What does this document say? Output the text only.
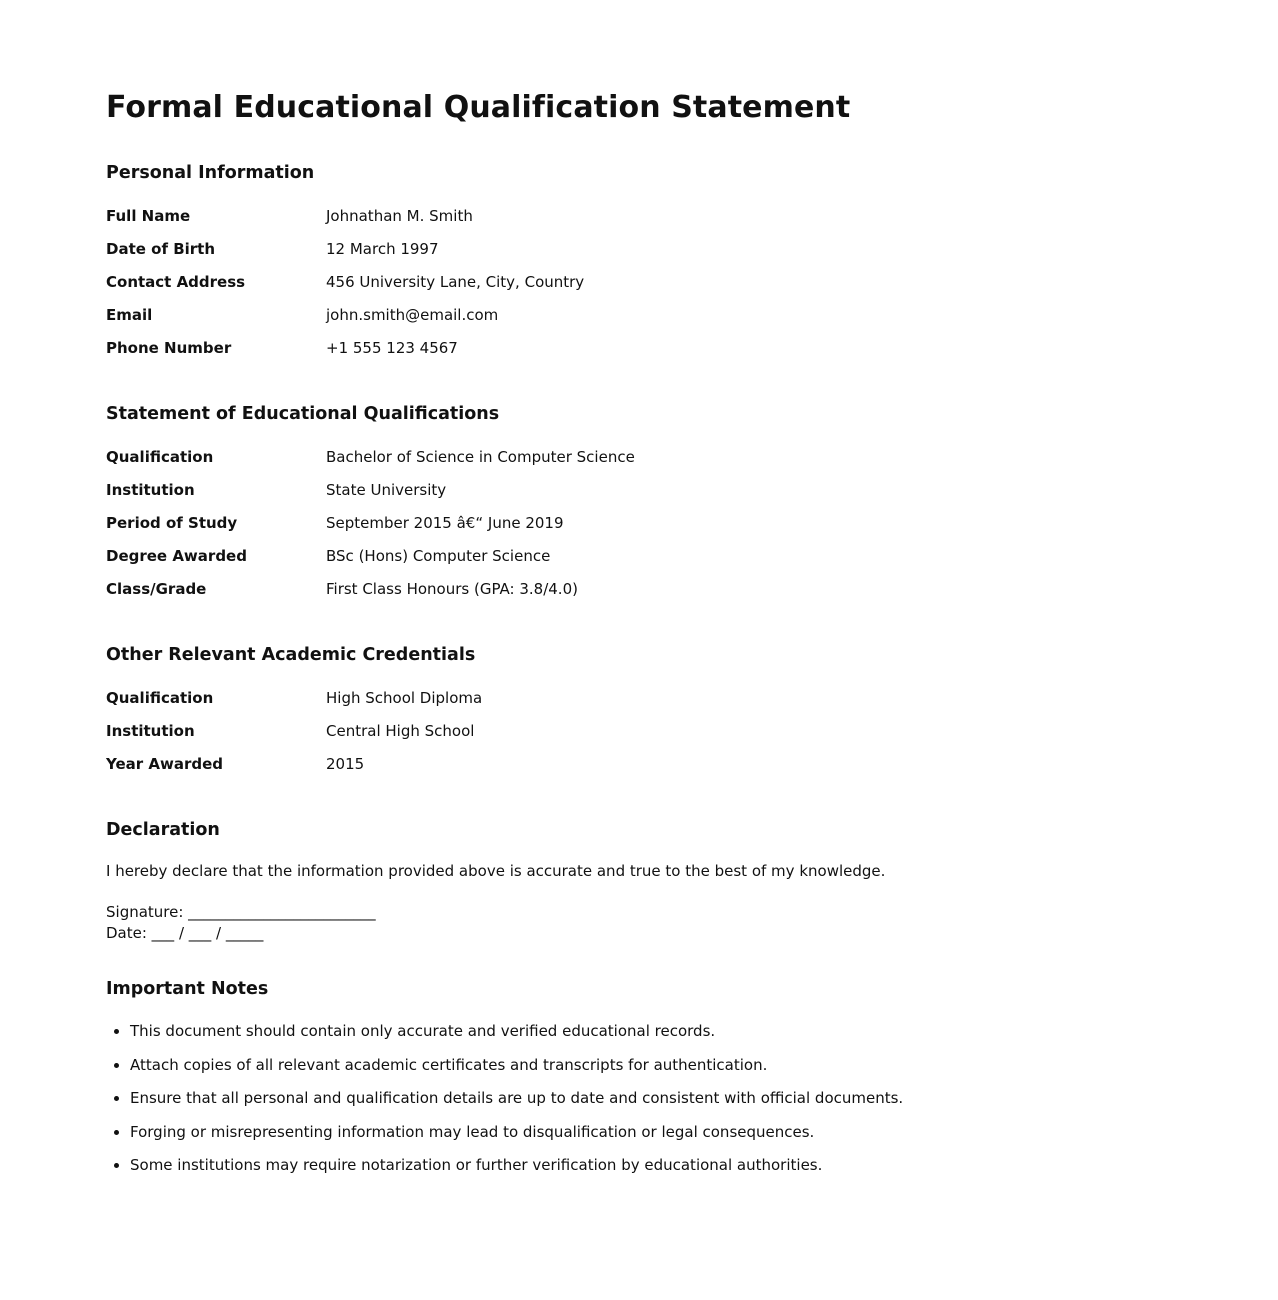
Formal Educational Qualification Statement
Personal Information
Full Name	Johnathan M. Smith
Date of Birth	12 March 1997
Contact Address	456 University Lane, City, Country
Email	john.smith@email.com
Phone Number	+1 555 123 4567
Statement of Educational Qualifications
Qualification	Bachelor of Science in Computer Science
Institution	State University
Period of Study	September 2015 â€“ June 2019
Degree Awarded	BSc (Hons) Computer Science
Class/Grade	First Class Honours (GPA: 3.8/4.0)
Other Relevant Academic Credentials
Qualification	High School Diploma
Institution	Central High School
Year Awarded	2015
Declaration
I hereby declare that the information provided above is accurate and true to the best of my knowledge.
Signature: _________________________
Date: ___ / ___ / _____
Important Notes
• This document should contain only accurate and verified educational records.
• Attach copies of all relevant academic certificates and transcripts for authentication.
• Ensure that all personal and qualification details are up to date and consistent with official documents.
• Forging or misrepresenting information may lead to disqualification or legal consequences.
• Some institutions may require notarization or further verification by educational authorities.
